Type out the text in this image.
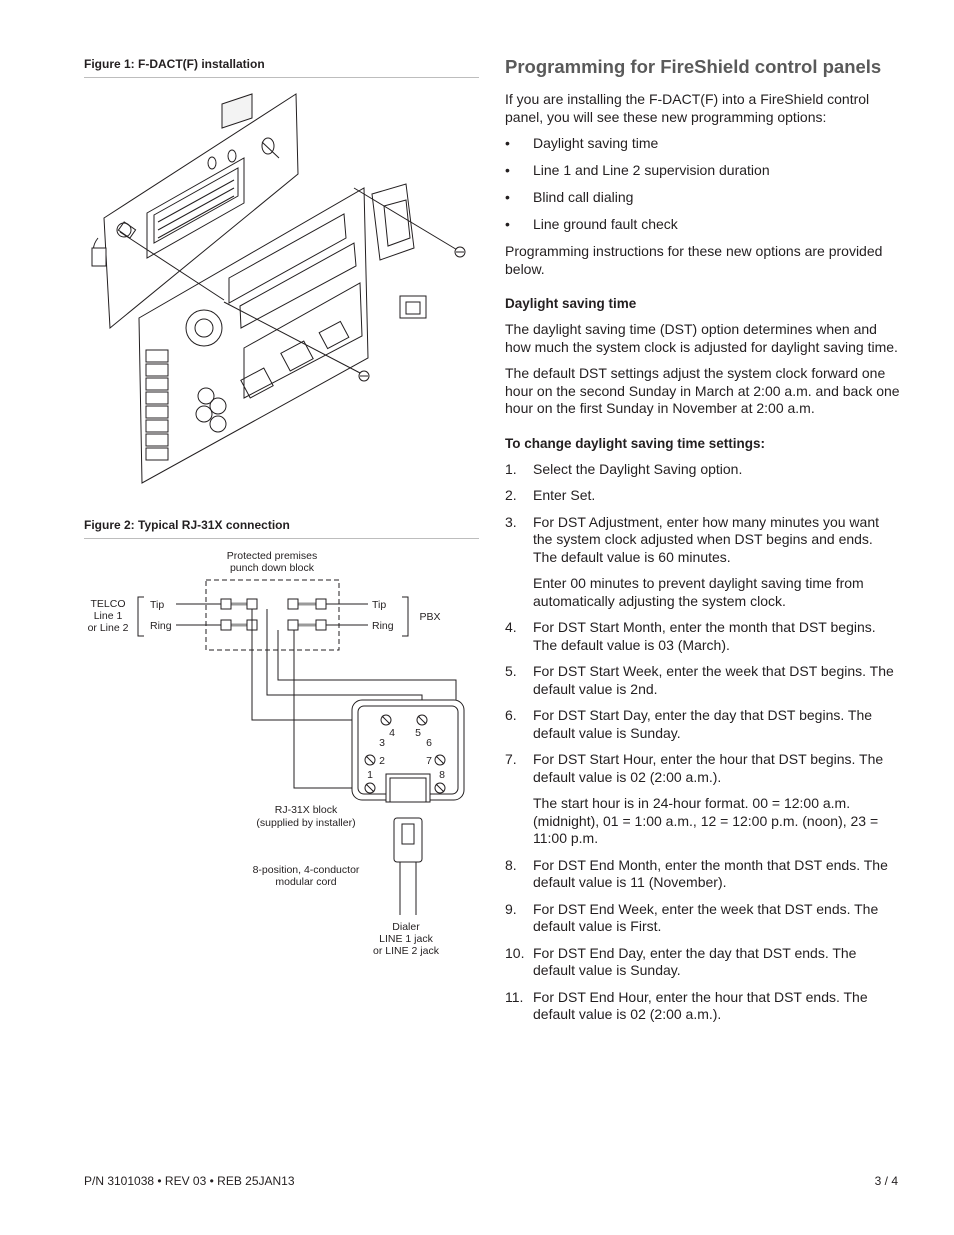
Figure 1: F-DACT(F) installation
Figure 2: Typical RJ-31X connection
Protected premises
punch down block
TELCO
Line 1
or Line 2
PBX
RJ-31X block
(supplied by installer)
8-position, 4-conductor
modular cord
Dialer
LINE 1 jack
or LINE 2 jack
Tip
Ring
Tip
Ring
1
2
3
4 5
6
7
8
Programming for FireShield control panels

If you are installing the F-DACT(F) into a FireShield control panel, you will see these new programming options:

• Daylight saving time
• Line 1 and Line 2 supervision duration
• Blind call dialing
• Line ground fault check

Programming instructions for these new options are provided below.

Daylight saving time

The daylight saving time (DST) option determines when and how much the system clock is adjusted for daylight saving time.

The default DST settings adjust the system clock forward one hour on the second Sunday in March at 2:00 a.m. and back one hour on the first Sunday in November at 2:00 a.m.

To change daylight saving time settings:
1. Select the Daylight Saving option.
2. Enter Set.
3. For DST Adjustment, enter how many minutes you want the system clock adjusted when DST begins and ends. The default value is 60 minutes.
Enter 00 minutes to prevent daylight saving time from automatically adjusting the system clock.
4. For DST Start Month, enter the month that DST begins. The default value is 03 (March).
5. For DST Start Week, enter the week that DST begins. The default value is 2nd.
6. For DST Start Day, enter the day that DST begins. The default value is Sunday.
7. For DST Start Hour, enter the hour that DST begins. The default value is 02 (2:00 a.m.).
The start hour is in 24-hour format. 00 = 12:00 a.m. (midnight), 01 = 1:00 a.m., 12 = 12:00 p.m. (noon), 23 = 11:00 p.m.
8. For DST End Month, enter the month that DST ends. The default value is 11 (November).
9. For DST End Week, enter the week that DST ends. The default value is First.
10. For DST End Day, enter the day that DST ends. The default value is Sunday.
11. For DST End Hour, enter the hour that DST ends. The default value is 02 (2:00 a.m.).
P/N 3101038 • REV 03 • REB 25JAN13	3 / 4
